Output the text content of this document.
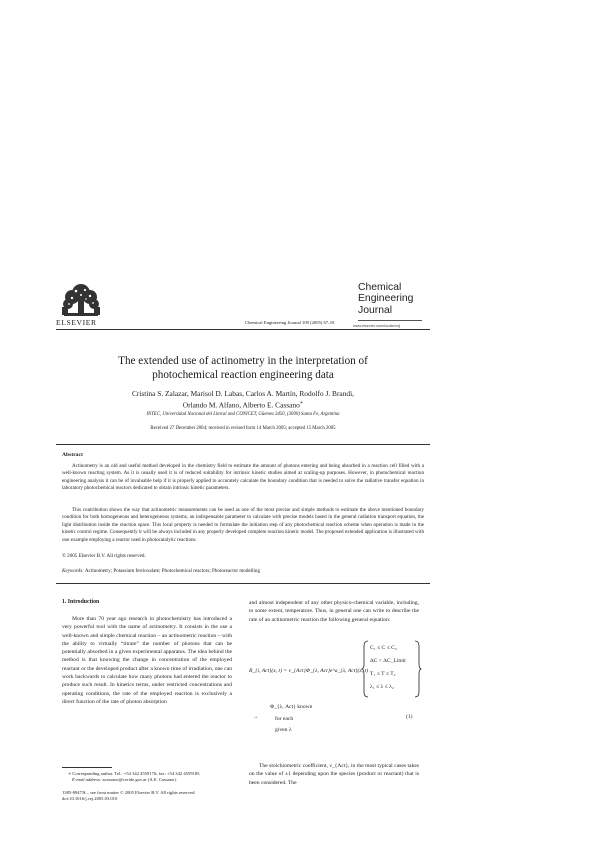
ELSEVIER	Chemical Engineering Journal 109 (2005) 67–81
Chemical
Engineering
Journal
www.elsevier.com/locate/cej
The extended use of actinometry in the interpretation of
photochemical reaction engineering data
Cristina S. Zalazar, Marisol D. Labas, Carlos A. Martín, Rodolfo J. Brandi,
Orlando M. Alfano, Alberto E. Cassano∗
INTEC, Universidad Nacional del Litoral and CONICET, Güemes 3450, (3000) Santa Fe, Argentina
Received 27 December 2004; received in revised form 14 March 2005; accepted 15 March 2005
Abstract
Actinometry is an old and useful method developed in the chemistry field to estimate the amount of photons entering and being absorbed in a reaction cell filled with a well-known reacting system. As it is usually used it is of reduced suitability for intrinsic kinetic studies aimed at scaling-up purposes. However, in photochemical reaction engineering analysis it can be of invaluable help if it is properly applied to accurately calculate the boundary condition that is needed to solve the radiative transfer equation in laboratory photochemical reactors dedicated to obtain intrinsic kinetic parameters.
This contribution shows the way that actinometric measurements can be used as one of the most precise and simple methods to estimate the above mentioned boundary condition for both homogeneous and heterogeneous systems, an indispensable parameter to calculate with precise models based in the general radiation transport equation, the light distribution inside the reaction space. This local property is needed to formulate the initiation step of any photochemical reaction scheme when operation is made in the kinetic control regime. Consequently it will be always included in any properly developed complete reaction kinetic model. The proposed extended application is illustrated with one example employing a reactor used in photocatalytic reactions.
© 2005 Elsevier B.V. All rights reserved.
Keywords: Actinometry; Potassium ferrioxalate; Photochemical reactors; Photoreactor modelling
1. Introduction
More than 70 year ago research in photochemistry has introduced a very powerful tool with the name of actinometry. It consists in the use a well-known and simple chemical reaction – an actinometric reaction – with the ability to virtually “titrate” the number of photons that can be potentially absorbed in a given experimental apparatus. The idea behind the method is that knowing the change in concentration of the employed reactant or the developed product after a known time of irradiation, one can work backwards to calculate how many photons had entered the reactor to produce such result. In kinetics terms, under restricted concentrations and operating conditions, the rate of the employed reaction is exclusively a direct function of the rate of photon absorption
∗ Corresponding author. Tel.: +54 342 4559176; fax: +54 342 4559185.
E-mail address: acassano@ceride.gov.ar (A.E. Cassano).
1385-8947/$ – see front matter © 2005 Elsevier B.V. All rights reserved.
doi:10.1016/j.cej.2005.03.010
and almost independent of any other physico-chemical variable, including, to some extent, temperature. Thus, in general one can write to describe the rate of an actinometric reaction the following general equation:
R_{i, Act}(x, t) = ν_{Act}Φ_{λ, Act}e^a_{λ, Act}(x, t)
C₁ ≤ C ≤ C₂
ΔC < ΔC_Limit
T₁ ≤ T ≤ T₂
λ₁ ≤ λ ≤ λ₂
→
Φ_{λ, Act} known
for each
given λ
(1)
The stoichiometric coefficient, ν_{Act}, in the most typical cases takes on the value of ±1 depending upon the species (product or reactant) that is been considered. The
